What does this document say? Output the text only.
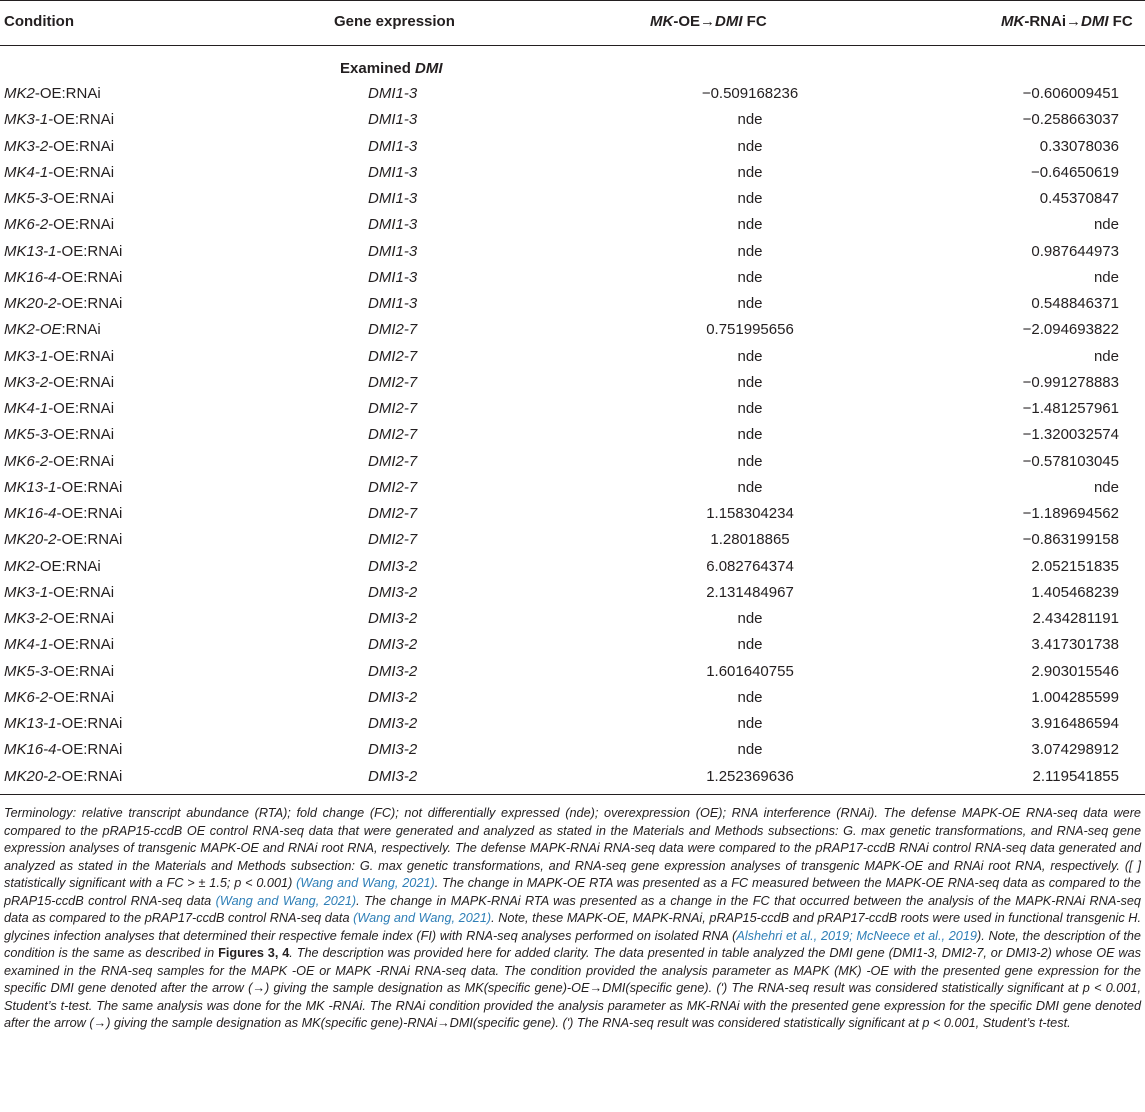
Condition	Gene expression	MK-OE→DMI FC	MK-RNAi→DMI FC
Examined DMI
MK2-OE:RNAi	DMI1-3	−0.509168236	−0.606009451
MK3-1-OE:RNAi	DMI1-3	nde	−0.258663037
MK3-2-OE:RNAi	DMI1-3	nde	0.33078036
MK4-1-OE:RNAi	DMI1-3	nde	−0.64650619
MK5-3-OE:RNAi	DMI1-3	nde	0.45370847
MK6-2-OE:RNAi	DMI1-3	nde	nde
MK13-1-OE:RNAi	DMI1-3	nde	0.987644973
MK16-4-OE:RNAi	DMI1-3	nde	nde
MK20-2-OE:RNAi	DMI1-3	nde	0.548846371
MK2-OE:RNAi	DMI2-7	0.751995656	−2.094693822
MK3-1-OE:RNAi	DMI2-7	nde	nde
MK3-2-OE:RNAi	DMI2-7	nde	−0.991278883
MK4-1-OE:RNAi	DMI2-7	nde	−1.481257961
MK5-3-OE:RNAi	DMI2-7	nde	−1.320032574
MK6-2-OE:RNAi	DMI2-7	nde	−0.578103045
MK13-1-OE:RNAi	DMI2-7	nde	nde
MK16-4-OE:RNAi	DMI2-7	1.158304234	−1.189694562
MK20-2-OE:RNAi	DMI2-7	1.28018865	−0.863199158
MK2-OE:RNAi	DMI3-2	6.082764374	2.052151835
MK3-1-OE:RNAi	DMI3-2	2.131484967	1.405468239
MK3-2-OE:RNAi	DMI3-2	nde	2.434281191
MK4-1-OE:RNAi	DMI3-2	nde	3.417301738
MK5-3-OE:RNAi	DMI3-2	1.601640755	2.903015546
MK6-2-OE:RNAi	DMI3-2	nde	1.004285599
MK13-1-OE:RNAi	DMI3-2	nde	3.916486594
MK16-4-OE:RNAi	DMI3-2	nde	3.074298912
MK20-2-OE:RNAi	DMI3-2	1.252369636	2.119541855
Terminology: relative transcript abundance (RTA); fold change (FC); not differentially expressed (nde); overexpression (OE); RNA interference (RNAi). The defense MAPK-OE RNA-seq data were compared to the pRAP15-ccdB OE control RNA-seq data that were generated and analyzed as stated in the Materials and Methods subsections: G. max genetic transformations, and RNA-seq gene expression analyses of transgenic MAPK-OE and RNAi root RNA, respectively. The defense MAPK-RNAi RNA-seq data were compared to the pRAP17-ccdB RNAi control RNA-seq data generated and analyzed as stated in the Materials and Methods subsection: G. max genetic transformations, and RNA-seq gene expression analyses of transgenic MAPK-OE and RNAi root RNA, respectively. ([ ] statistically significant with a FC > ± 1.5; p < 0.001) (Wang and Wang, 2021). The change in MAPK-OE RTA was presented as a FC measured between the MAPK-OE RNA-seq data as compared to the pRAP15-ccdB control RNA-seq data (Wang and Wang, 2021). The change in MAPK-RNAi RTA was presented as a change in the FC that occurred between the analysis of the MAPK-RNAi RNA-seq data as compared to the pRAP17-ccdB control RNA-seq data (Wang and Wang, 2021). Note, these MAPK-OE, MAPK-RNAi, pRAP15-ccdB and pRAP17-ccdB roots were used in functional transgenic H. glycines infection analyses that determined their respective female index (FI) with RNA-seq analyses performed on isolated RNA (Alshehri et al., 2019; McNeece et al., 2019). Note, the description of the condition is the same as described in Figures 3, 4. The description was provided here for added clarity. The data presented in table analyzed the DMI gene (DMI1-3, DMI2-7, or DMI3-2) whose OE was examined in the RNA-seq samples for the MAPK -OE or MAPK -RNAi RNA-seq data. The condition provided the analysis parameter as MAPK (MK) -OE with the presented gene expression for the specific DMI gene denoted after the arrow (→) giving the sample designation as MK(specific gene)-OE→DMI(specific gene). (ʹ) The RNA-seq result was considered statistically significant at p < 0.001, Student’s t-test. The same analysis was done for the MK -RNAi. The RNAi condition provided the analysis parameter as MK-RNAi with the presented gene expression for the specific DMI gene denoted after the arrow (→) giving the sample designation as MK(specific gene)-RNAi→DMI(specific gene). (ʹ) The RNA-seq result was considered statistically significant at p < 0.001, Student’s t-test.
